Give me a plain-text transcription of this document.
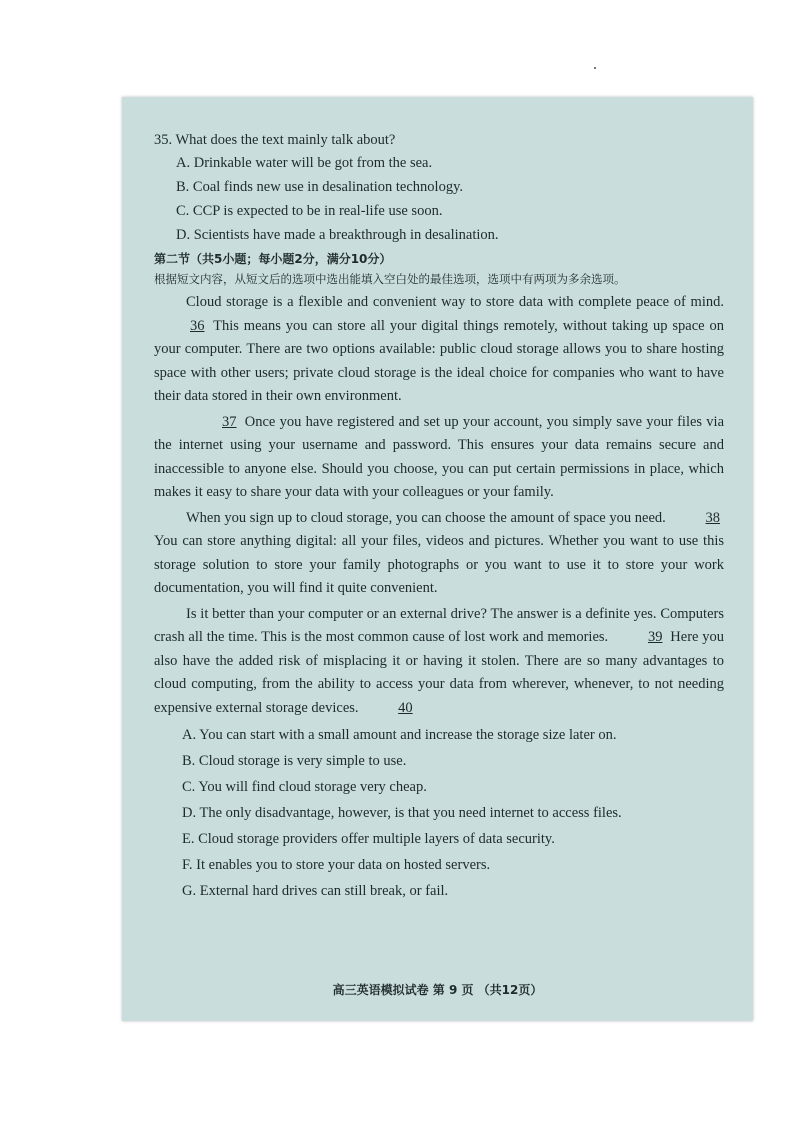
35. What does the text mainly talk about?
A. Drinkable water will be got from the sea.
B. Coal finds new use in desalination technology.
C. CCP is expected to be in real-life use soon.
D. Scientists have made a breakthrough in desalination.
第二节（共5小题；每小题2分，满分10分）
根据短文内容，从短文后的选项中选出能填入空白处的最佳选项，选项中有两项为多余选项。

Cloud storage is a flexible and convenient way to store data with complete peace of mind. 36 This means you can store all your digital things remotely, without taking up space on your computer. There are two options available: public cloud storage allows you to share hosting space with other users; private cloud storage is the ideal choice for companies who want to have their data stored in their own environment.

37 Once you have registered and set up your account, you simply save your files via the internet using your username and password. This ensures your data remains secure and inaccessible to anyone else. Should you choose, you can put certain permissions in place, which makes it easy to share your data with your colleagues or your family.

When you sign up to cloud storage, you can choose the amount of space you need.	38 You can store anything digital: all your files, videos and pictures. Whether you want to use this storage solution to store your family photographs or you want to use it to store your work documentation, you will find it quite convenient.

Is it better than your computer or an external drive? The answer is a definite yes. Computers crash all the time. This is the most common cause of lost work and memories.	39 Here you also have the added risk of misplacing it or having it stolen. There are so many advantages to cloud computing, from the ability to access your data from wherever, whenever, to not needing expensive external storage devices.	40

A. You can start with a small amount and increase the storage size later on.
B. Cloud storage is very simple to use.
C. You will find cloud storage very cheap.
D. The only disadvantage, however, is that you need internet to access files.
E. Cloud storage providers offer multiple layers of data security.
F. It enables you to store your data on hosted servers.
G. External hard drives can still break, or fail.
高三英语模拟试卷 第 9 页 （共12页）
